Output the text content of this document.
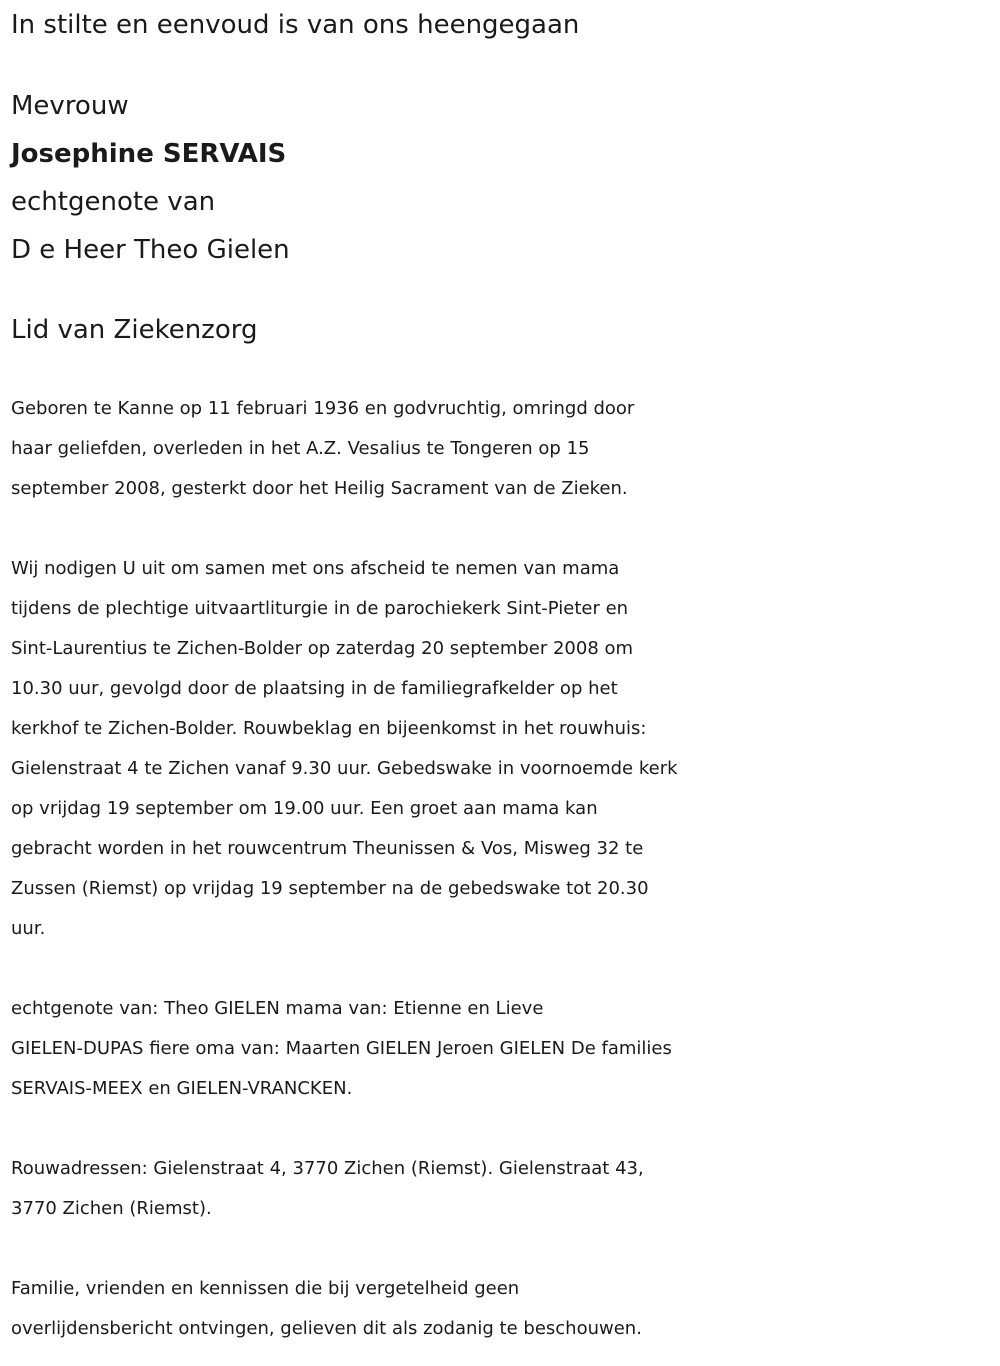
In stilte en eenvoud is van ons heengegaan
Mevrouw
Josephine SERVAIS
echtgenote van
D e Heer Theo Gielen
Lid van Ziekenzorg
Geboren te Kanne op 11 februari 1936 en godvruchtig, omringd door
haar geliefden, overleden in het A.Z. Vesalius te Tongeren op 15
september 2008, gesterkt door het Heilig Sacrament van de Zieken.
Wij nodigen U uit om samen met ons afscheid te nemen van mama
tijdens de plechtige uitvaartliturgie in de parochiekerk Sint-Pieter en
Sint-Laurentius te Zichen-Bolder op zaterdag 20 september 2008 om
10.30 uur, gevolgd door de plaatsing in de familiegrafkelder op het
kerkhof te Zichen-Bolder. Rouwbeklag en bijeenkomst in het rouwhuis:
Gielenstraat 4 te Zichen vanaf 9.30 uur. Gebedswake in voornoemde kerk
op vrijdag 19 september om 19.00 uur. Een groet aan mama kan
gebracht worden in het rouwcentrum Theunissen & Vos, Misweg 32 te
Zussen (Riemst) op vrijdag 19 september na de gebedswake tot 20.30
uur.
echtgenote van: Theo GIELEN mama van: Etienne en Lieve
GIELEN-DUPAS fiere oma van: Maarten GIELEN Jeroen GIELEN De families
SERVAIS-MEEX en GIELEN-VRANCKEN.
Rouwadressen: Gielenstraat 4, 3770 Zichen (Riemst). Gielenstraat 43,
3770 Zichen (Riemst).
Familie, vrienden en kennissen die bij vergetelheid geen
overlijdensbericht ontvingen, gelieven dit als zodanig te beschouwen.
